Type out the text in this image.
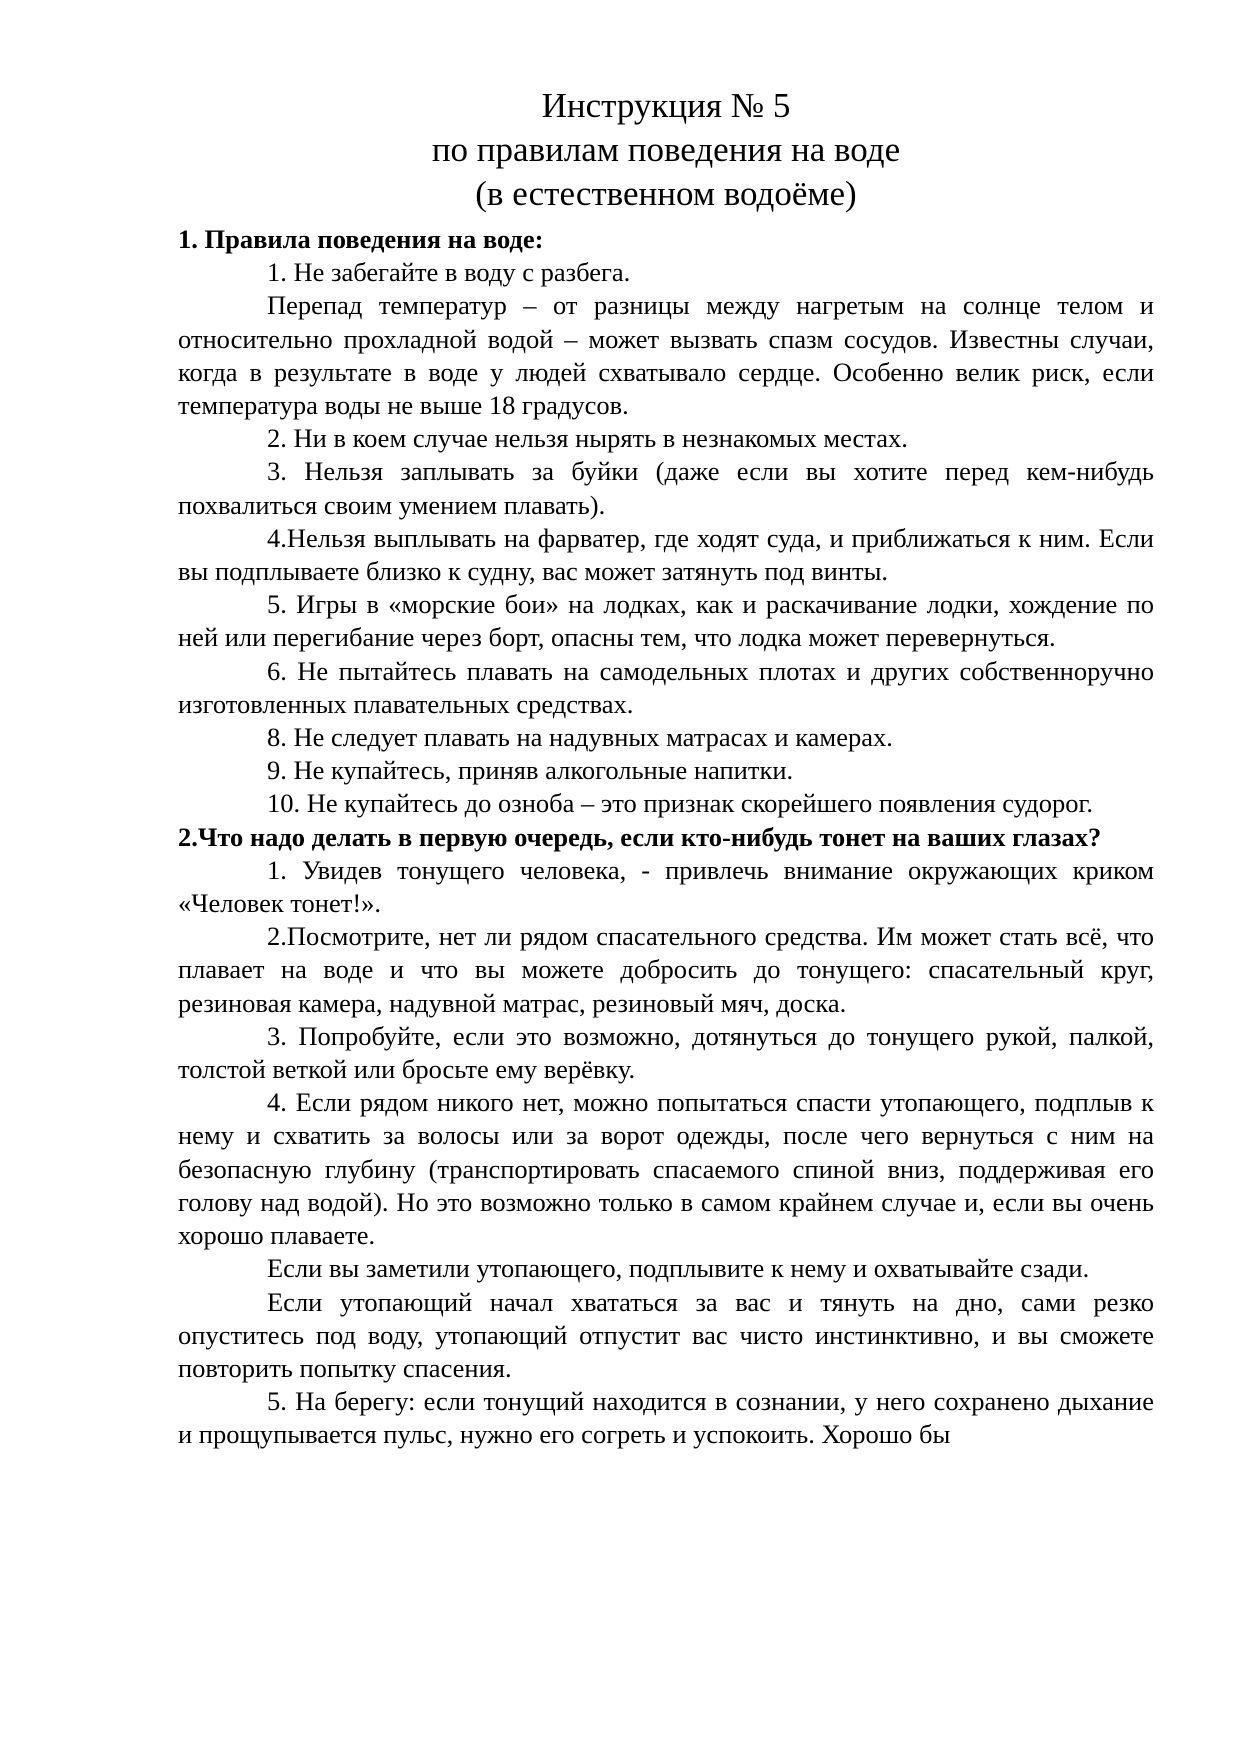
Инструкция № 5
по правилам поведения на воде
(в естественном водоёме)
1. Правила поведения на воде:

1. Не забегайте в воду с разбега.

Перепад температур – от разницы между нагретым на солнце телом и относительно прохладной водой – может вызвать спазм сосудов. Известны случаи, когда в результате в воде у людей схватывало сердце. Особенно велик риск, если температура воды не выше 18 градусов.

2. Ни в коем случае нельзя нырять в незнакомых местах.

3. Нельзя заплывать за буйки (даже если вы хотите перед кем-нибудь похвалиться своим умением плавать).

4.Нельзя выплывать на фарватер, где ходят суда, и приближаться к ним. Если вы подплываете близко к судну, вас может затянуть под винты.

5. Игры в «морские бои» на лодках, как и раскачивание лодки, хождение по ней или перегибание через борт, опасны тем, что лодка может перевернуться.

6. Не пытайтесь плавать на самодельных плотах и других собственноручно изготовленных плавательных средствах.

8. Не следует плавать на надувных матрасах и камерах.

9. Не купайтесь, приняв алкогольные напитки.

10. Не купайтесь до озноба – это признак скорейшего появления судорог.

2.Что надо делать в первую очередь, если кто-нибудь тонет на ваших глазах?

1. Увидев тонущего человека, - привлечь внимание окружающих криком «Человек тонет!».

2.Посмотрите, нет ли рядом спасательного средства. Им может стать всё, что плавает на воде и что вы можете добросить до тонущего: спасательный круг, резиновая камера, надувной матрас, резиновый мяч, доска.

3. Попробуйте, если это возможно, дотянуться до тонущего рукой, палкой, толстой веткой или бросьте ему верёвку.

4. Если рядом никого нет, можно попытаться спасти утопающего, подплыв к нему и схватить за волосы или за ворот одежды, после чего вернуться с ним на безопасную глубину (транспортировать спасаемого спиной вниз, поддерживая его голову над водой). Но это возможно только в самом крайнем случае и, если вы очень хорошо плаваете.

Если вы заметили утопающего, подплывите к нему и охватывайте сзади.

Если утопающий начал хвататься за вас и тянуть на дно, сами резко опуститесь под воду, утопающий отпустит вас чисто инстинктивно, и вы сможете повторить попытку спасения.

5. На берегу: если тонущий находится в сознании, у него сохранено дыхание и прощупывается пульс, нужно его согреть и успокоить. Хорошо бы
